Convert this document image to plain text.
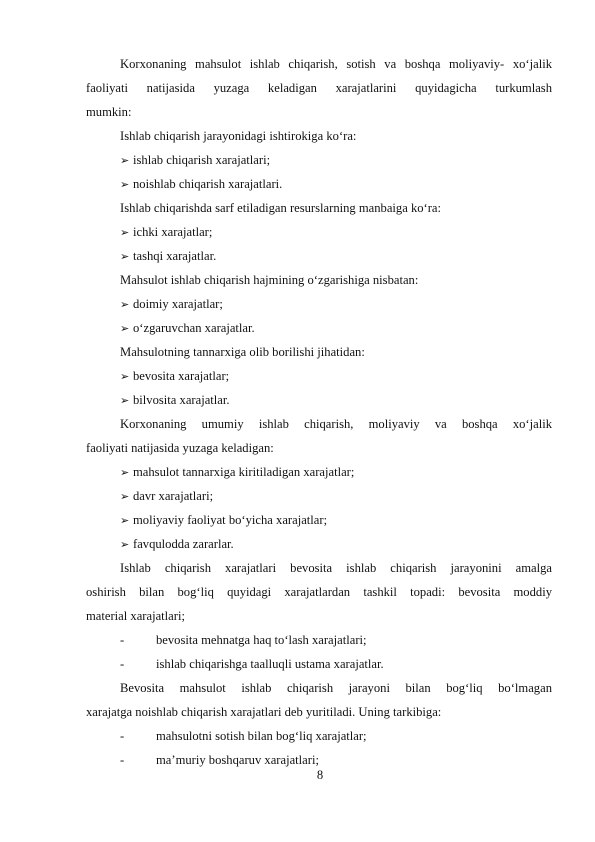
Korxonaning mahsulot ishlab chiqarish, sotish va boshqa moliyaviy- xo‘jalik
faoliyati natijasida yuzaga keladigan xarajatlarini quyidagicha turkumlash
mumkin:
Ishlab chiqarish jarayonidagi ishtirokiga ko‘ra:
➢ ishlab chiqarish xarajatlari;
➢ noishlab chiqarish xarajatlari.
Ishlab chiqarishda sarf etiladigan resurslarning manbaiga ko‘ra:
➢ ichki xarajatlar;
➢ tashqi xarajatlar.
Mahsulot ishlab chiqarish hajmining o‘zgarishiga nisbatan:
➢ doimiy xarajatlar;
➢ o‘zgaruvchan xarajatlar.
Mahsulotning tannarxiga olib borilishi jihatidan:
➢ bevosita xarajatlar;
➢ bilvosita xarajatlar.
Korxonaning umumiy ishlab chiqarish, moliyaviy va boshqa xo‘jalik
faoliyati natijasida yuzaga keladigan:
➢ mahsulot tannarxiga kiritiladigan xarajatlar;
➢ davr xarajatlari;
➢ moliyaviy faoliyat bo‘yicha xarajatlar;
➢ favqulodda zararlar.
Ishlab chiqarish xarajatlari bevosita ishlab chiqarish jarayonini amalga
oshirish bilan bog‘liq quyidagi xarajatlardan tashkil topadi: bevosita moddiy
material xarajatlari;
-	bevosita mehnatga haq to‘lash xarajatlari;
-	ishlab chiqarishga taalluqli ustama xarajatlar.
Bevosita mahsulot ishlab chiqarish jarayoni bilan bog‘liq bo‘lmagan
xarajatga noishlab chiqarish xarajatlari deb yuritiladi. Uning tarkibiga:
-	mahsulotni sotish bilan bog‘liq xarajatlar;
-	ma’muriy boshqaruv xarajatlari;
8
